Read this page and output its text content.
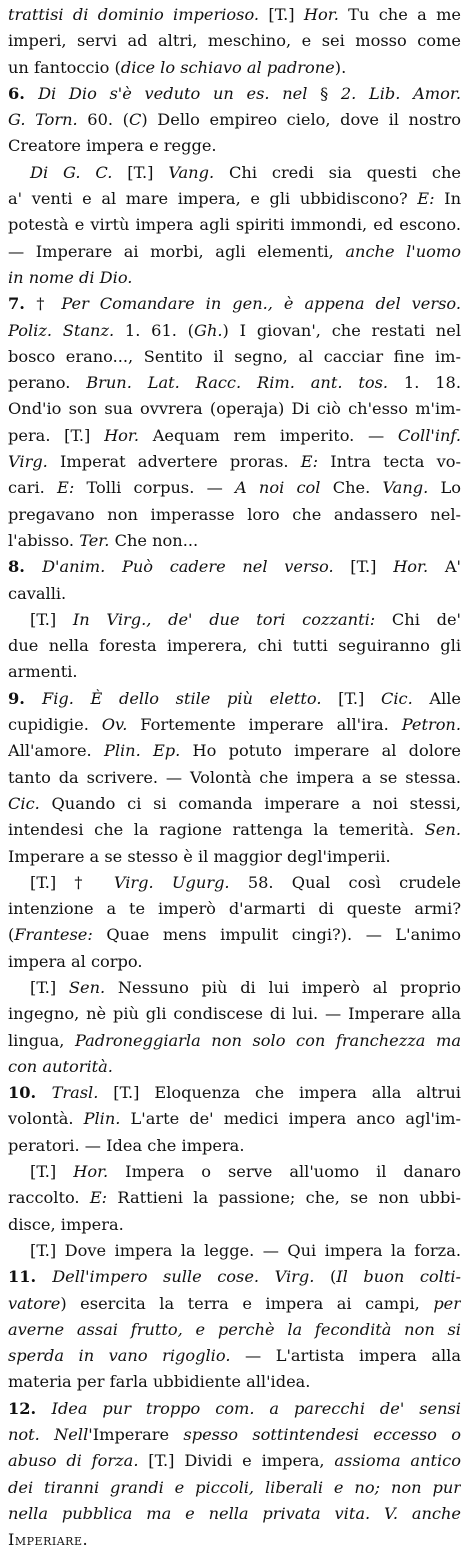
trattisi di dominio imperioso. [T.] Hor. Tu che a me
imperi, servi ad altri, meschino, e sei mosso come
un fantoccio (dice lo schiavo al padrone).
6. Di Dio s'è veduto un es. nel § 2. Lib. Amor.
G. Torn. 60. (C) Dello empireo cielo, dove il nostro
Creatore impera e regge.
Di G. C. [T.] Vang. Chi credi sia questi che
a' venti e al mare impera, e gli ubbidiscono? E: In
potestà e virtù impera agli spiriti immondi, ed escono.
— Imperare ai morbi, agli elementi, anche l'uomo
in nome di Dio.
7. † Per Comandare in gen., è appena del verso.
Poliz. Stanz. 1. 61. (Gh.) I giovan', che restati nel
bosco erano..., Sentito il segno, al cacciar fine im-
perano. Brun. Lat. Racc. Rim. ant. tos. 1. 18.
Ond'io son sua ovvrera (operaja) Di ciò ch'esso m'im-
pera. [T.] Hor. Aequam rem imperito. — Coll'inf.
Virg. Imperat advertere proras. E: Intra tecta vo-
cari. E: Tolli corpus. — A noi col Che. Vang. Lo
pregavano non imperasse loro che andassero nel-
l'abisso. Ter. Che non...
8. D'anim. Può cadere nel verso. [T.] Hor. A'
cavalli.
[T.] In Virg., de' due tori cozzanti: Chi de'
due nella foresta imperera, chi tutti seguiranno gli
armenti.
9. Fig. È dello stile più eletto. [T.] Cic. Alle
cupidigie. Ov. Fortemente imperare all'ira. Petron.
All'amore. Plin. Ep. Ho potuto imperare al dolore
tanto da scrivere. — Volontà che impera a se stessa.
Cic. Quando ci si comanda imperare a noi stessi,
intendesi che la ragione rattenga la temerità. Sen.
Imperare a se stesso è il maggior degl'imperii.
[T.] † Virg. Ugurg. 58. Qual così crudele
intenzione a te imperò d'armarti di queste armi?
(Frantese: Quae mens impulit cingi?). — L'animo
impera al corpo.
[T.] Sen. Nessuno più di lui imperò al proprio
ingegno, nè più gli condiscese di lui. — Imperare alla
lingua, Padroneggiarla non solo con franchezza ma
con autorità.
10. Trasl. [T.] Eloquenza che impera alla altrui
volontà. Plin. L'arte de' medici impera anco agl'im-
peratori. — Idea che impera.
[T.] Hor. Impera o serve all'uomo il danaro
raccolto. E: Rattieni la passione; che, se non ubbi-
disce, impera.
[T.] Dove impera la legge. — Qui impera la forza.
11. Dell'impero sulle cose. Virg. (Il buon colti-
vatore) esercita la terra e impera ai campi, per
averne assai frutto, e perchè la fecondità non si
sperda in vano rigoglio. — L'artista impera alla
materia per farla ubbidiente all'idea.
12. Idea pur troppo com. a parecchi de' sensi
not. Nell'Imperare spesso sottintendesi eccesso o
abuso di forza. [T.] Dividi e impera, assioma antico
dei tiranni grandi e piccoli, liberali e no; non pur
nella pubblica ma e nella privata vita. V. anche
Imperiare.
